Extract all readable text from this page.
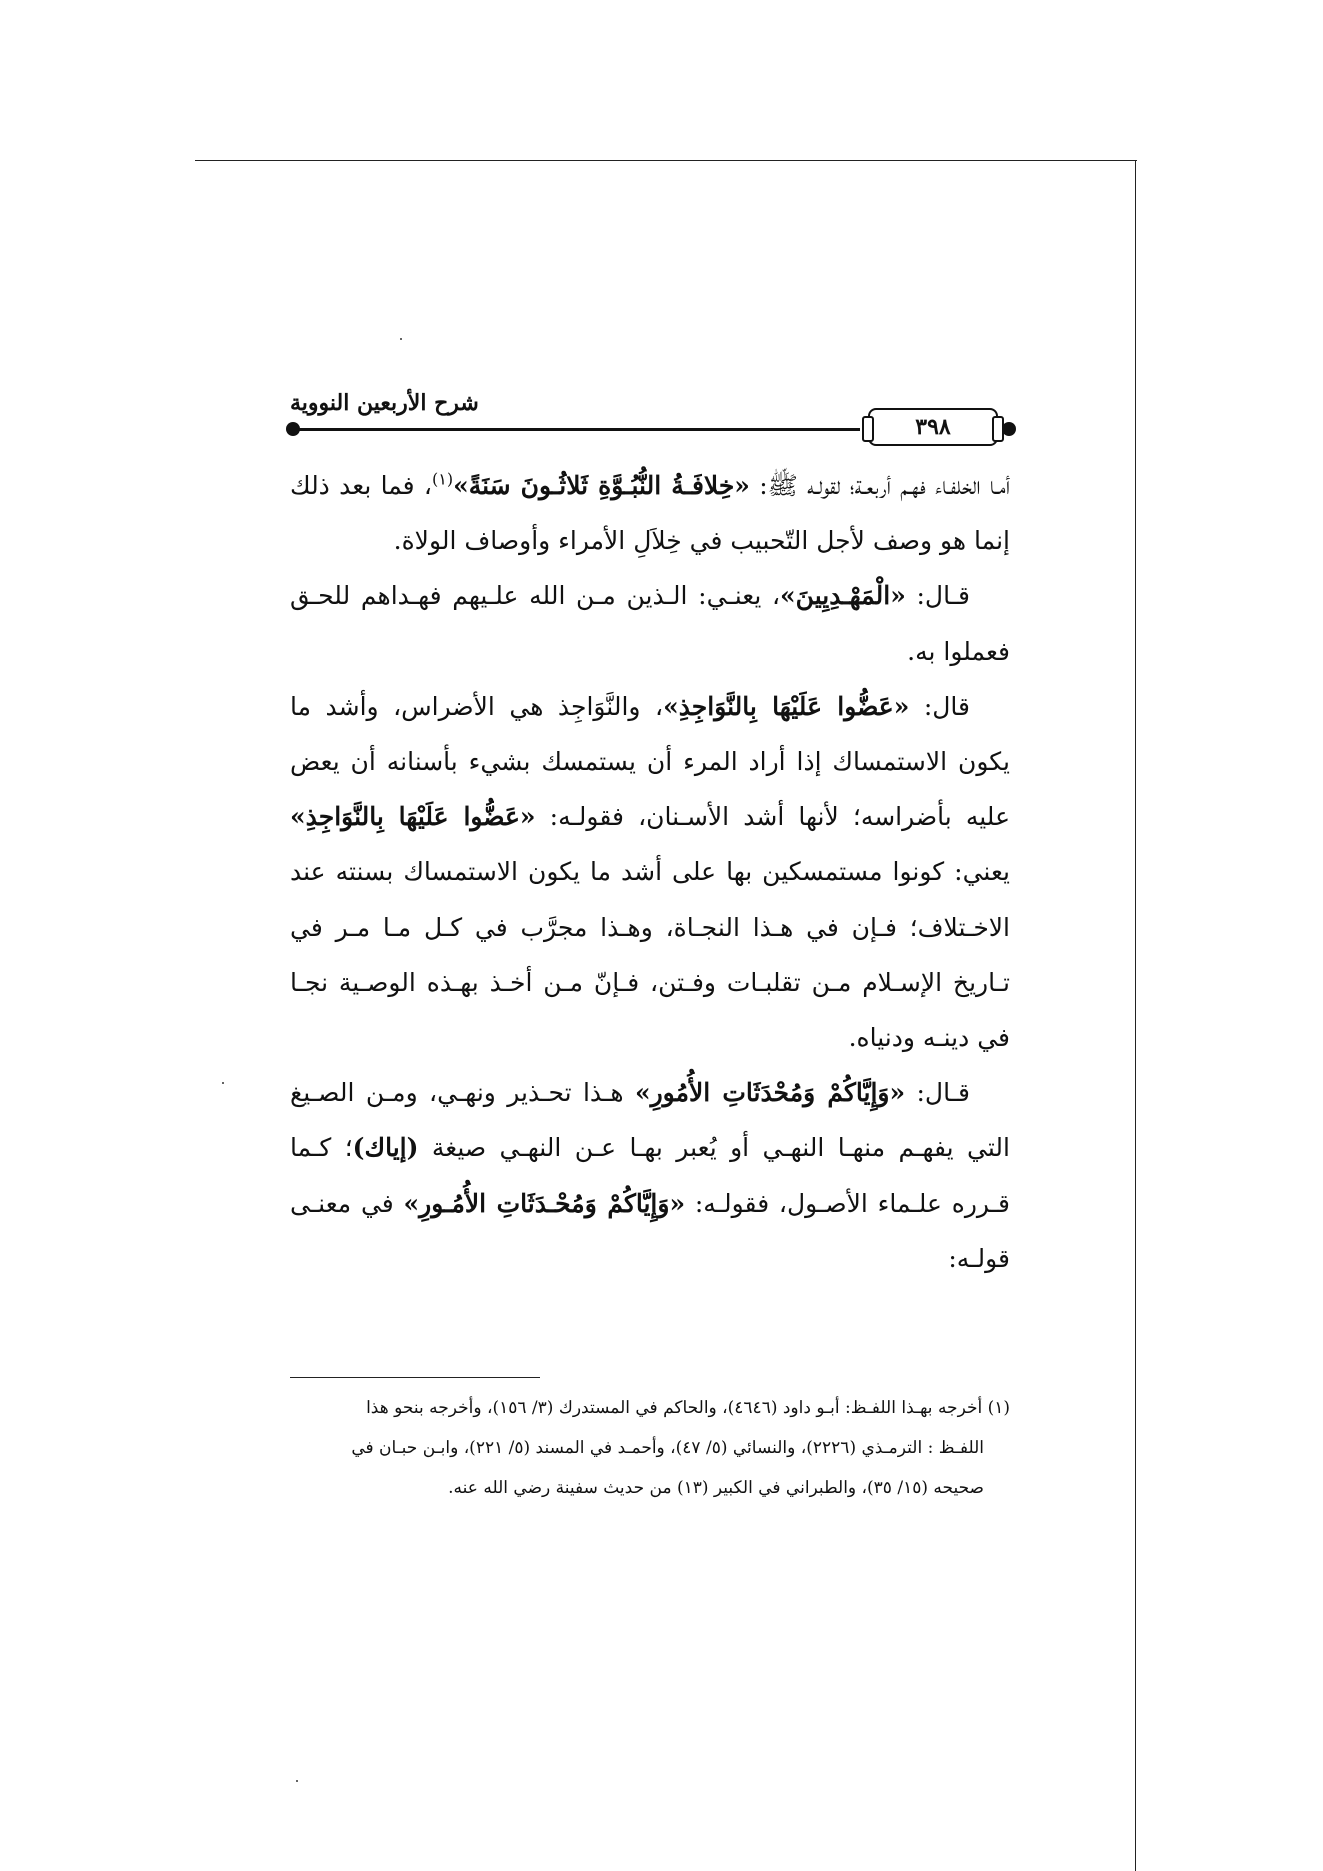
شرح الأربعين النووية
٣٩٨

أمـا الخلفـاء فهـم أربعـة؛ لقولـه ﷺ: «خِلافَـةُ النُّبُـوَّةِ ثَلاثُـونَ سَنَةً»$^{(١)}$، فما بعد ذلك إنما هو وصف لأجل التّحبيب في خِلاَلِ الأمراء وأوصاف الولاة.

قـال: «الْمَهْـدِيِينَ»، يعنـي: الـذين مـن الله علـيهم فهـداهم للحـق فعملوا به.

قال: «عَضُّوا عَلَيْهَا بِالنَّوَاجِذِ»، والنَّوَاجِذ هي الأضراس، وأشد ما يكون الاستمساك إذا أراد المرء أن يستمسك بشيء بأسنانه أن يعض عليه بأضراسه؛ لأنها أشد الأسـنان، فقولـه: «عَضُّوا عَلَيْهَا بِالنَّوَاجِذِ» يعني: كونوا مستمسكين بها على أشد ما يكون الاستمساك بسنته عند الاخـتلاف؛ فـإن في هـذا النجـاة، وهـذا مجرَّب في كـل مـا مـر في تـاريخ الإسـلام مـن تقلبـات وفـتن، فـإنّ مـن أخـذ بهـذه الوصـية نجـا في دينـه ودنياه.

قـال: «وَإِيَّاكُمْ وَمُحْدَثَاتِ الأُمُورِ» هـذا تحـذير ونهـي، ومـن الصـيغ التي يفهـم منهـا النهـي أو يُعبر بهـا عـن النهـي صيغة (إياك)؛ كـما قـرره علـماء الأصـول، فقولـه: «وَإِيَّاكُمْ وَمُحْـدَثَاتِ الأُمُـورِ» في معنـى قولـه:

(١) أخرجه بهـذا اللفـظ: أبـو داود (٤٦٤٦)، والحاكم في المستدرك (٣/ ١٥٦)، وأخرجه بنحو هذا

اللفـظ : الترمـذي (٢٢٢٦)، والنسائي (٥/ ٤٧)، وأحمـد في المسند (٥/ ٢٢١)، وابـن حبـان في

صحيحه (١٥/ ٣٥)، والطبراني في الكبير (١٣) من حديث سفينة رضي الله عنه.
